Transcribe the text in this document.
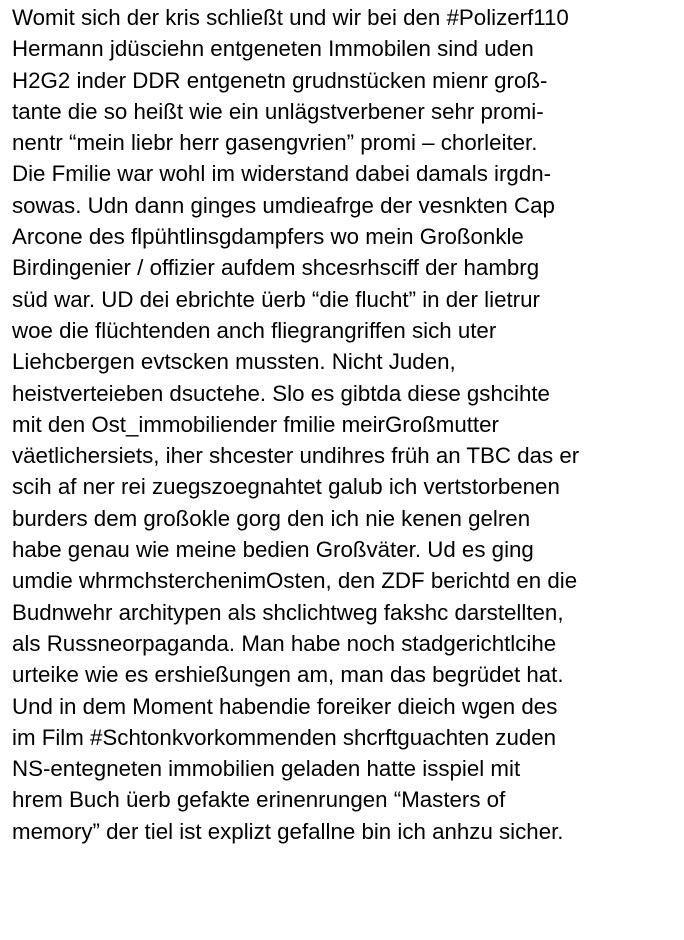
Womit sich der kris schließt und wir bei den #Polizerf110
Hermann jdüsciehn entgeneten Immobilen sind uden
H2G2 inder DDR entgenetn grudnstücken mienr groß-
tante die so heißt wie ein unlägstverbener sehr promi-
nentr “mein liebr herr gasengvrien” promi – chorleiter.
Die Fmilie war wohl im widerstand dabei damals irgdn-
sowas. Udn dann ginges umdieafrge der vesnkten Cap
Arcone des flpühtlinsgdampfers wo mein Großonkle
Birdingenier / offizier aufdem shcesrhsciff der hambrg
süd war. UD dei ebrichte üerb “die flucht” in der lietrur
woe die flüchtenden anch fliegrangriffen sich uter
Liehcbergen evtscken mussten. Nicht Juden,
heistverteieben dsuctehe. Slo es gibtda diese gshcihte
mit den Ost_immobiliender fmilie meirGroßmutter
väetlichersiets, iher shcester undihres früh an TBC das er
scih af ner rei zuegszoegnahtet galub ich vertstorbenen
burders dem großokle gorg den ich nie kenen gelren
habe genau wie meine bedien Großväter. Ud es ging
umdie whrmchsterchenimOsten, den ZDF berichtd en die
Budnwehr architypen als shclichtweg fakshc darstellten,
als Russneorpaganda. Man habe noch stadgerichtlcihe
urteike wie es ershießungen am, man das begrüdet hat.
Und in dem Moment habendie foreiker dieich wgen des
im Film #Schtonkvorkommenden shcrftguachten zuden
NS-entegneten immobilien geladen hatte isspiel mit
hrem Buch üerb gefakte erinenrungen “Masters of
memory” der tiel ist explizt gefallne bin ich anhzu sicher.
